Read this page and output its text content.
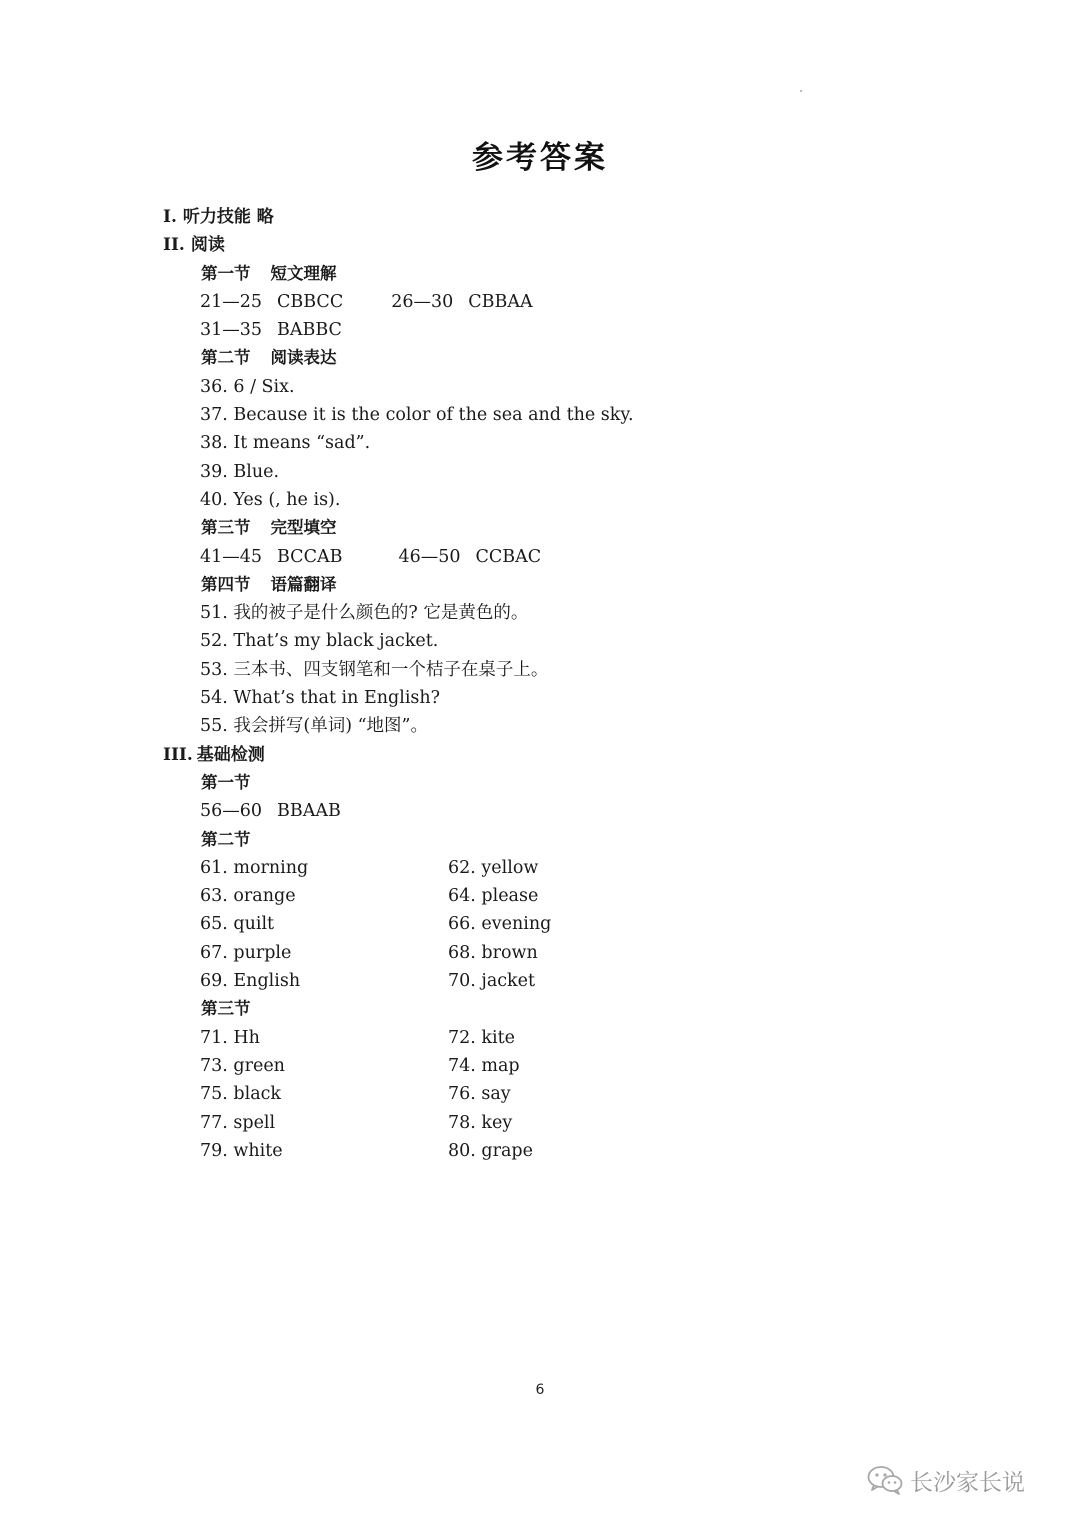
参考答案
I. 听力技能 略
II. 阅读
第一节 短文理解
21—25 CBBCC	26—30 CBBAA
31—35 BABBC
第二节 阅读表达
36. 6 / Six.
37. Because it is the color of the sea and the sky.
38. It means “sad”.
39. Blue.
40. Yes (, he is).
第三节 完型填空
41—45 BCCAB	46—50 CCBAC
第四节 语篇翻译
51. 我的被子是什么颜色的? 它是黄色的。
52. That’s my black jacket.
53. 三本书、四支钢笔和一个桔子在桌子上。
54. What’s that in English?
55. 我会拼写(单词) “地图”。
III. 基础检测
第一节
56—60 BBAAB
第二节
61. morning	62. yellow
63. orange	64. please
65. quilt	66. evening
67. purple	68. brown
69. English	70. jacket
第三节
71. Hh	72. kite
73. green	74. map
75. black	76. say
77. spell	78. key
79. white	80. grape
6
长沙家长说
